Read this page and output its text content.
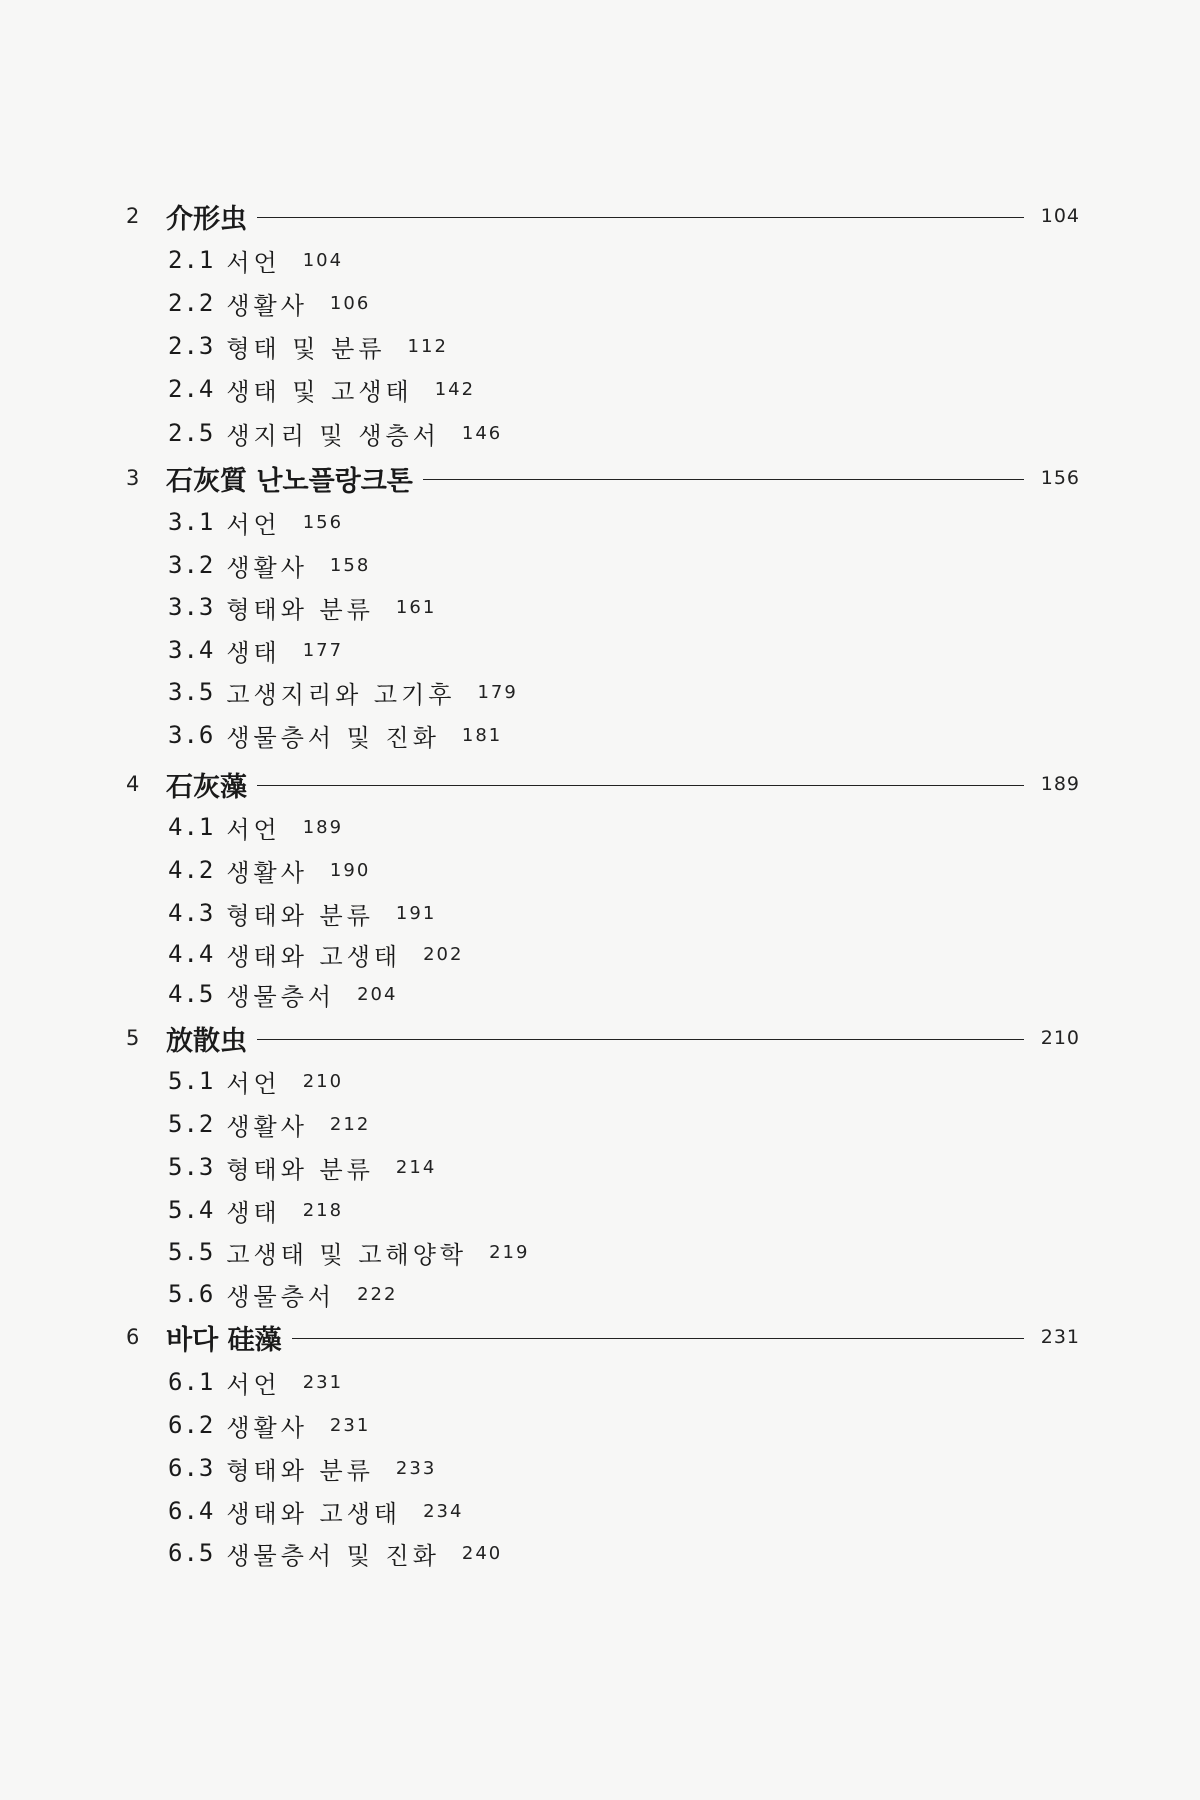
2 介形虫	104
2.1 서언	104
2.2 생활사	106
2.3 형태 및 분류	112
2.4 생태 및 고생태	142
2.5 생지리 및 생층서	146
3 石灰質 난노플랑크톤	156
3.1 서언	156
3.2 생활사	158
3.3 형태와 분류	161
3.4 생태	177
3.5 고생지리와 고기후	179
3.6 생물층서 및 진화	181
4 石灰藻	189
4.1 서언	189
4.2 생활사	190
4.3 형태와 분류	191
4.4 생태와 고생태	202
4.5 생물층서	204
5 放散虫	210
5.1 서언	210
5.2 생활사	212
5.3 형태와 분류	214
5.4 생태	218
5.5 고생태 및 고해양학	219
5.6 생물층서	222
6 바다 硅藻	231
6.1 서언	231
6.2 생활사	231
6.3 형태와 분류	233
6.4 생태와 고생태	234
6.5 생물층서 및 진화	240
